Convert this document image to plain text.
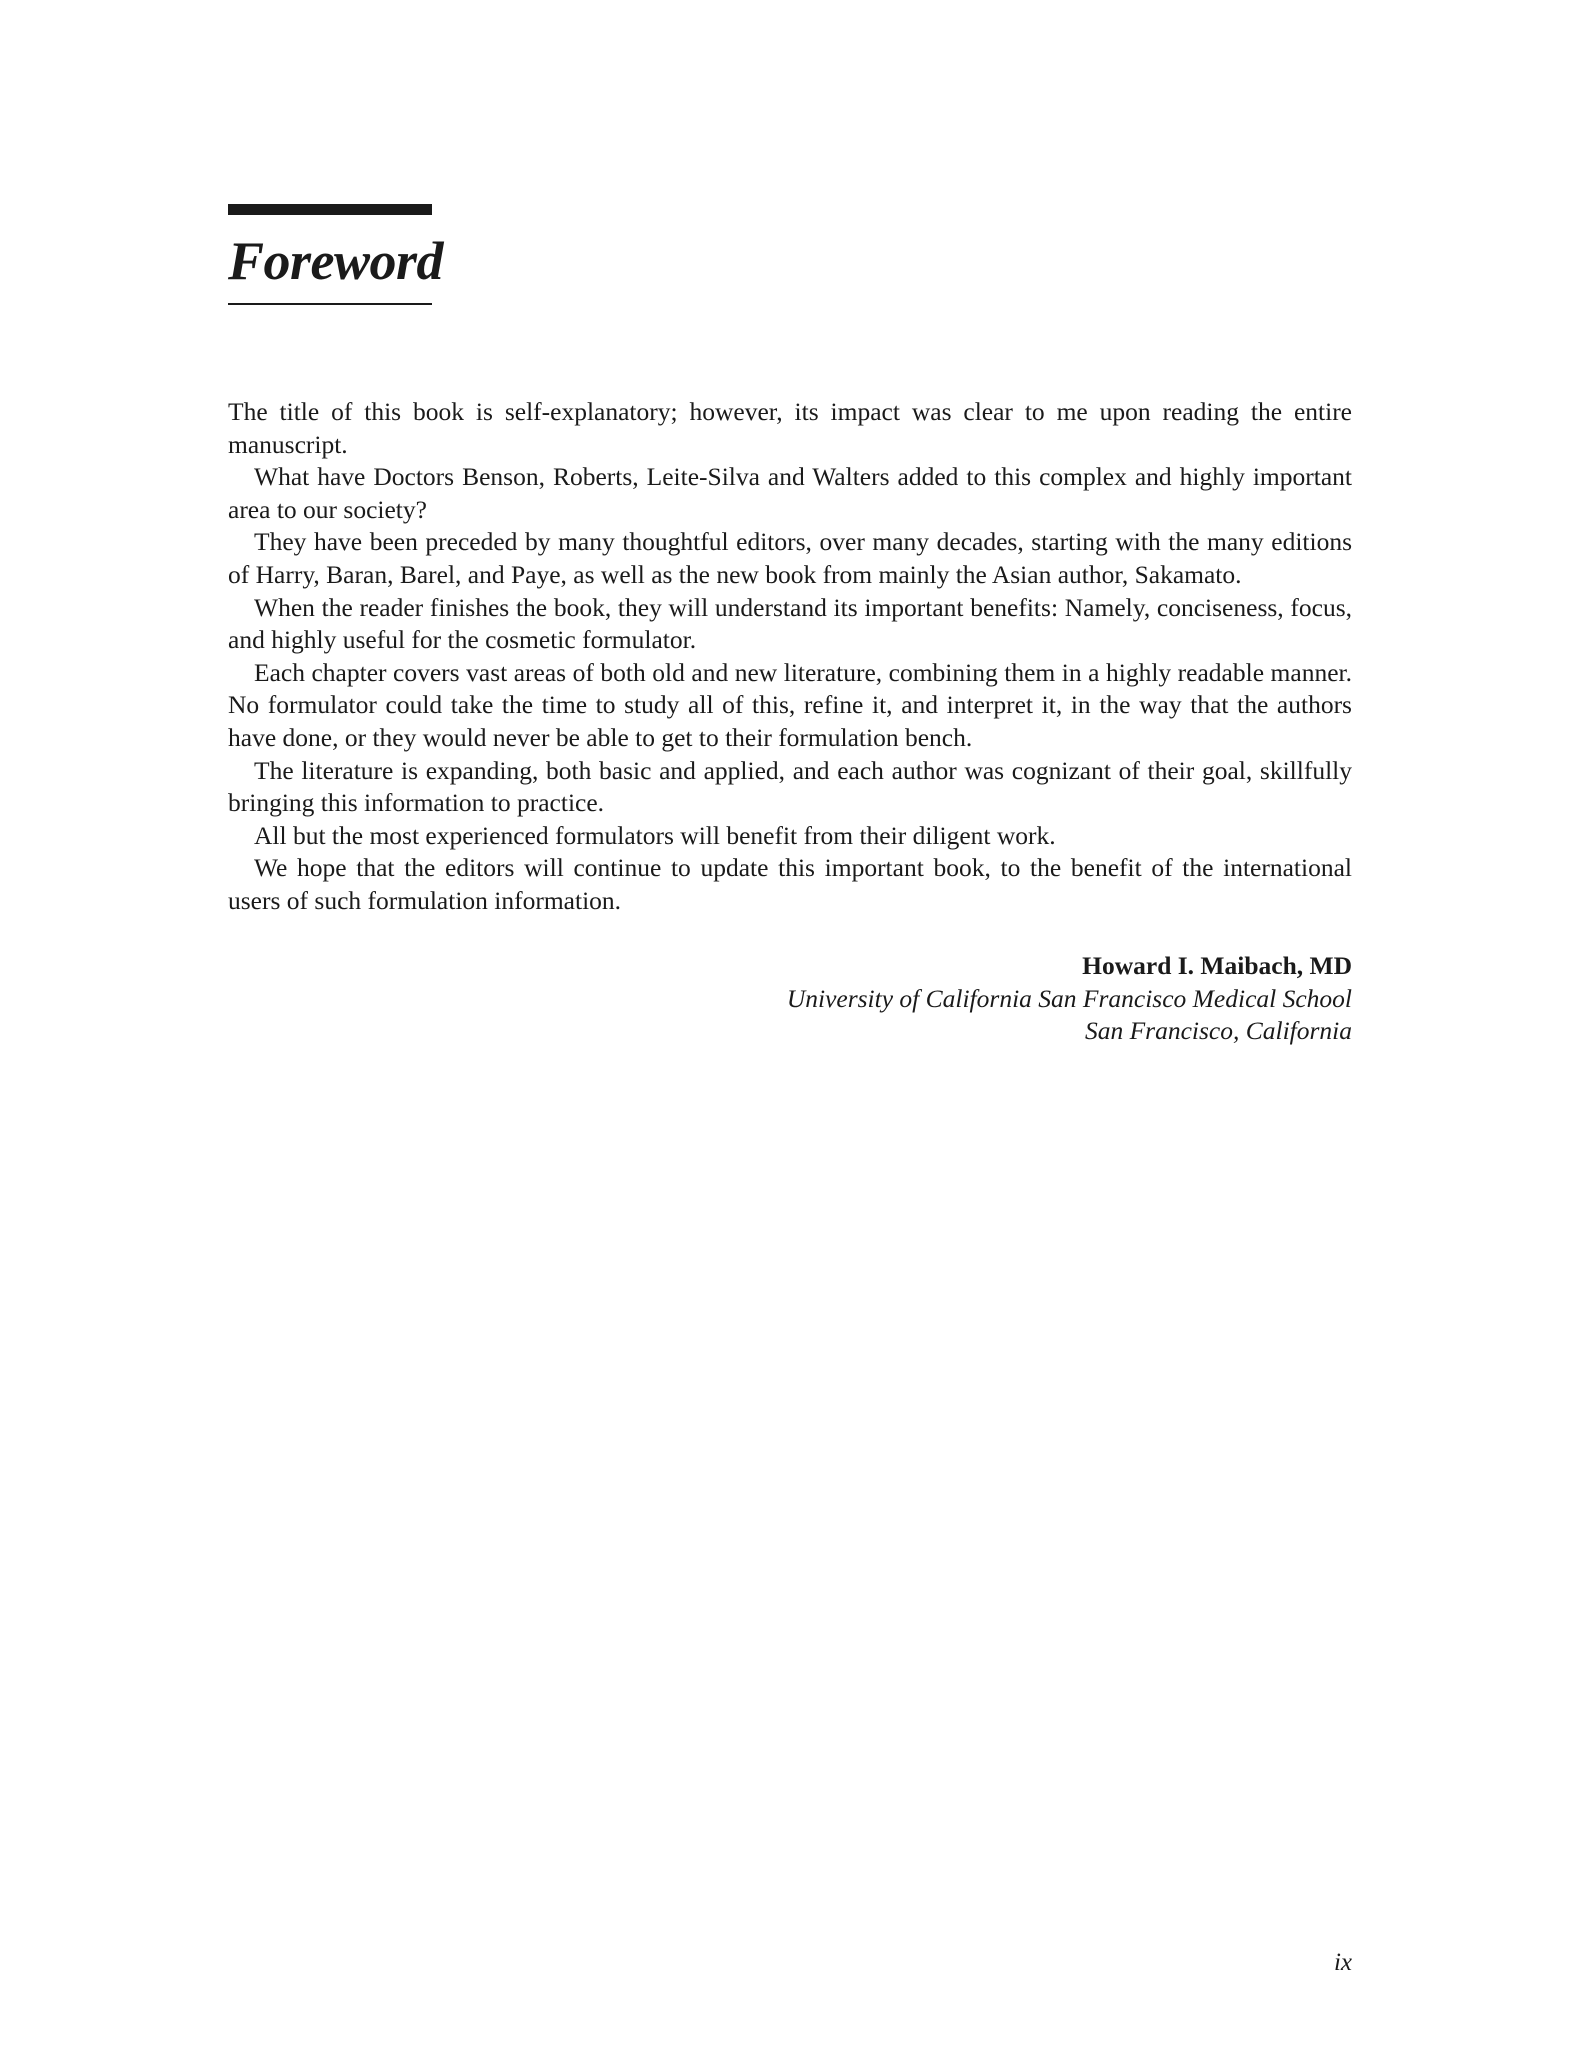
Foreword

The title of this book is self-explanatory; however, its impact was clear to me upon reading the entire manuscript.

What have Doctors Benson, Roberts, Leite-Silva and Walters added to this complex and highly important area to our society?

They have been preceded by many thoughtful editors, over many decades, starting with the many editions of Harry, Baran, Barel, and Paye, as well as the new book from mainly the Asian author, Sakamato.

When the reader finishes the book, they will understand its important benefits: Namely, conciseness, focus, and highly useful for the cosmetic formulator.

Each chapter covers vast areas of both old and new literature, combining them in a highly readable manner. No formulator could take the time to study all of this, refine it, and interpret it, in the way that the authors have done, or they would never be able to get to their formulation bench.

The literature is expanding, both basic and applied, and each author was cognizant of their goal, skillfully bringing this information to practice.

All but the most experienced formulators will benefit from their diligent work.

We hope that the editors will continue to update this important book, to the benefit of the international users of such formulation information.

Howard I. Maibach, MD
University of California San Francisco Medical School
San Francisco, California
ix
